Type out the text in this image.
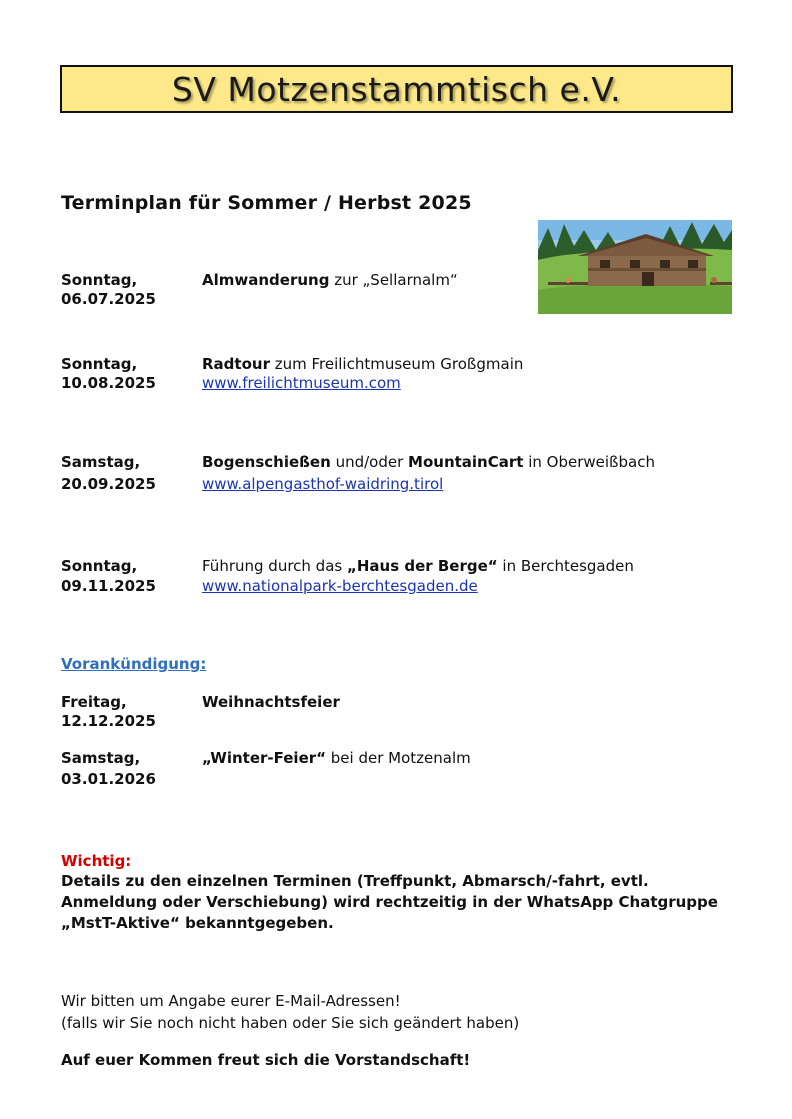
SV Motzenstammtisch e.V.
Terminplan für Sommer / Herbst 2025
Sonntag,
06.07.2025
Almwanderung zur „Sellarnalm“
Sonntag,
10.08.2025
Radtour zum Freilichtmuseum Großgmain
www.freilichtmuseum.com
Samstag,
20.09.2025
Bogenschießen und/oder MountainCart in Oberweißbach
www.alpengasthof-waidring.tirol
Sonntag,
09.11.2025
Führung durch das „Haus der Berge“ in Berchtesgaden
www.nationalpark-berchtesgaden.de
Vorankündigung:
Freitag,
12.12.2025
Weihnachtsfeier
Samstag,
03.01.2026
„Winter-Feier“ bei der Motzenalm
Wichtig:
Details zu den einzelnen Terminen (Treffpunkt, Abmarsch/-fahrt, evtl. Anmeldung oder Verschiebung) wird rechtzeitig in der WhatsApp Chatgruppe „MstT-Aktive“ bekanntgegeben.
Wir bitten um Angabe eurer E-Mail-Adressen!
(falls wir Sie noch nicht haben oder Sie sich geändert haben)
Auf euer Kommen freut sich die Vorstandschaft!
